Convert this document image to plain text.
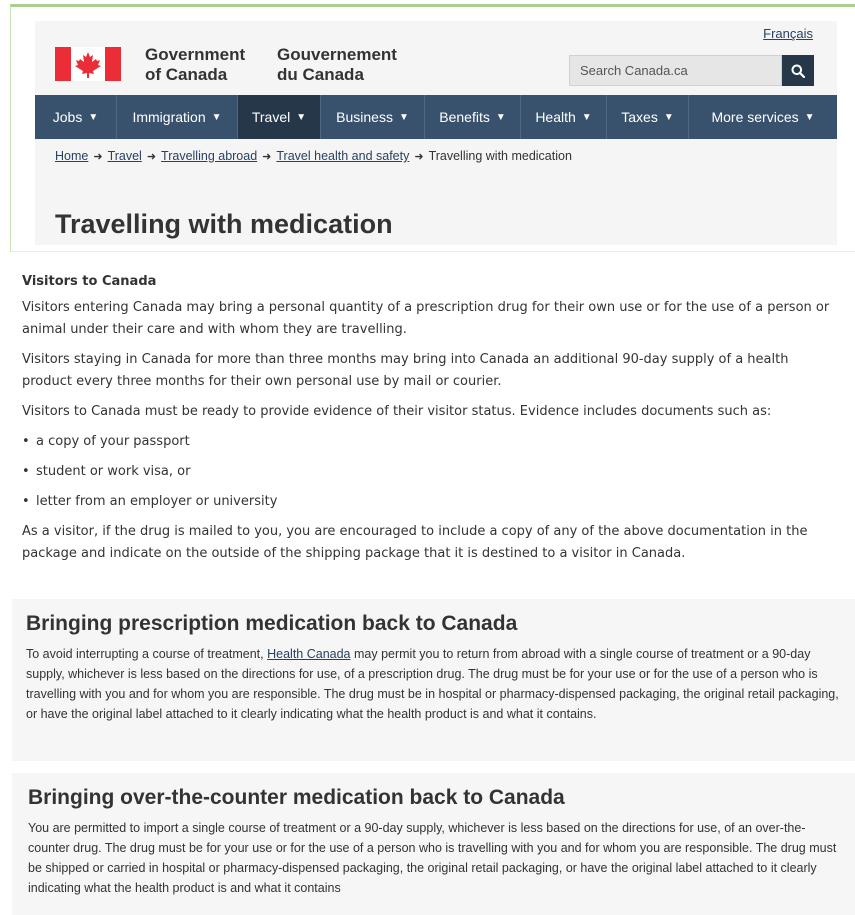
Français
Government
of Canada
Gouvernement
du Canada	Search Canada.ca
Jobs ▼ Immigration ▼ Travel ▼ Business ▼ Benefits ▼ Health ▼ Taxes ▼	More services ▼
Home ➜ Travel ➜ Travelling abroad ➜ Travel health and safety ➜ Travelling with medication
Travelling with medication
Visitors to Canada

Visitors entering Canada may bring a personal quantity of a prescription drug for their own use or for the use of a person or animal under their care and with whom they are travelling.

Visitors staying in Canada for more than three months may bring into Canada an additional 90-day supply of a health product every three months for their own personal use by mail or courier.

Visitors to Canada must be ready to provide evidence of their visitor status. Evidence includes documents such as:

• a copy of your passport
• student or work visa, or
• letter from an employer or university

As a visitor, if the drug is mailed to you, you are encouraged to include a copy of any of the above documentation in the package and indicate on the outside of the shipping package that it is destined to a visitor in Canada.

Bringing prescription medication back to Canada

To avoid interrupting a course of treatment, Health Canada may permit you to return from abroad with a single course of treatment or a 90-day supply, whichever is less based on the directions for use, of a prescription drug. The drug must be for your use or for the use of a person who is travelling with you and for whom you are responsible. The drug must be in hospital or pharmacy-dispensed packaging, the original retail packaging, or have the original label attached to it clearly indicating what the health product is and what it contains.

Bringing over-the-counter medication back to Canada

You are permitted to import a single course of treatment or a 90-day supply, whichever is less based on the directions for use, of an over-the-counter drug. The drug must be for your use or for the use of a person who is travelling with you and for whom you are responsible. The drug must be shipped or carried in hospital or pharmacy-dispensed packaging, the original retail packaging, or have the original label attached to it clearly indicating what the health product is and what it contains
